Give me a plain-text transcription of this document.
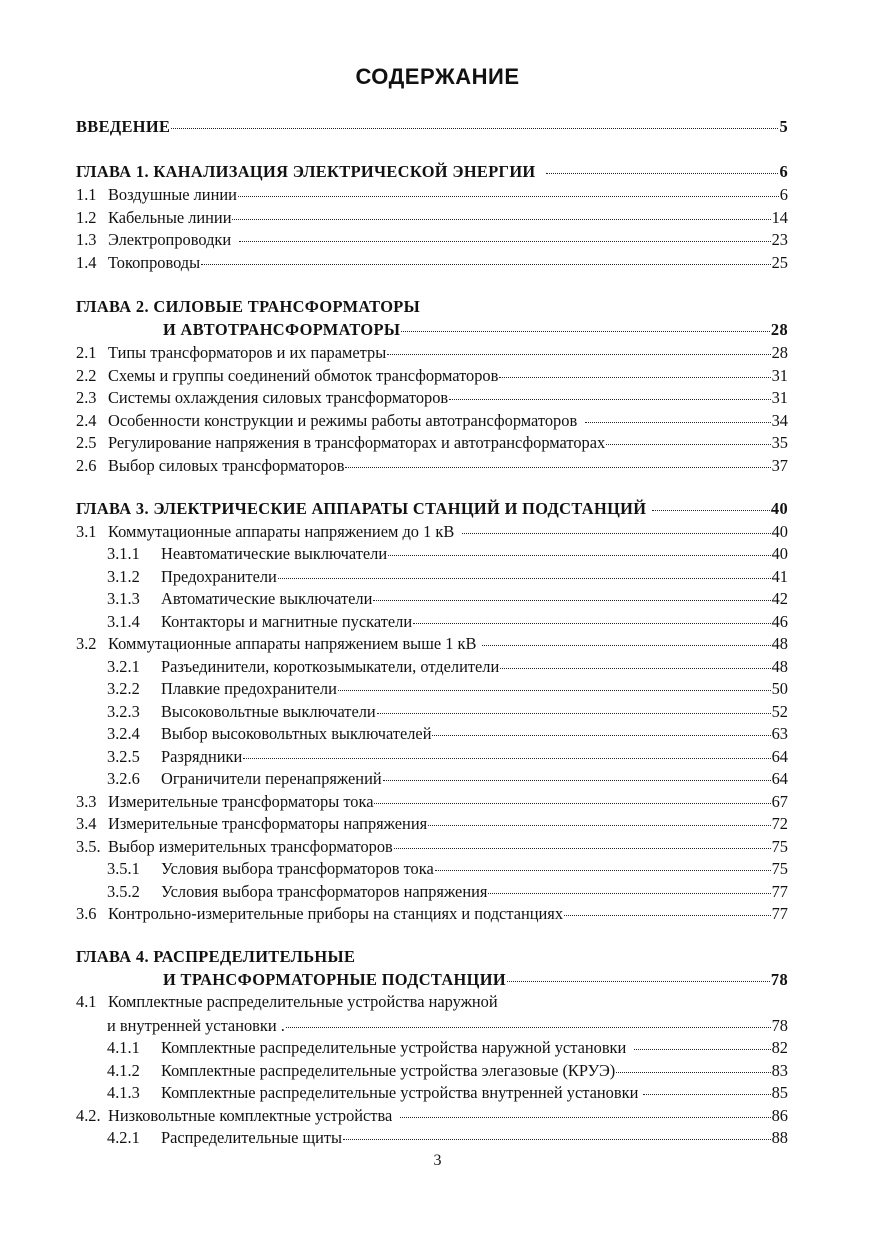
СОДЕРЖАНИЕ
ВВЕДЕНИЕ	5
ГЛАВА 1. КАНАЛИЗАЦИЯ ЭЛЕКТРИЧЕСКОЙ ЭНЕРГИИ	6
1.1 Воздушные линии	6
1.2 Кабельные линии	14
1.3 Электропроводки	23
1.4 Токопроводы	25
ГЛАВА 2. СИЛОВЫЕ ТРАНСФОРМАТОРЫ
И АВТОТРАНСФОРМАТОРЫ	28
2.1 Типы трансформаторов и их параметры	28
2.2 Схемы и группы соединений обмоток трансформаторов	31
2.3 Системы охлаждения силовых трансформаторов	31
2.4 Особенности конструкции и режимы работы автотрансформаторов	34
2.5 Регулирование напряжения в трансформаторах и автотрансформаторах	35
2.6 Выбор силовых трансформаторов	37
ГЛАВА 3. ЭЛЕКТРИЧЕСКИЕ АППАРАТЫ СТАНЦИЙ И ПОДСТАНЦИЙ	40
3.1 Коммутационные аппараты напряжением до 1 кВ	40
3.1.1	Неавтоматические выключатели	40
3.1.2	Предохранители	41
3.1.3	Автоматические выключатели	42
3.1.4	Контакторы и магнитные пускатели	46
3.2 Коммутационные аппараты напряжением выше 1 кВ	48
3.2.1	Разъединители, короткозымыкатели, отделители	48
3.2.2	Плавкие предохранители	50
3.2.3	Высоковольтные выключатели	52
3.2.4	Выбор высоковольтных выключателей	63
3.2.5	Разрядники	64
3.2.6	Ограничители перенапряжений	64
3.3 Измерительные трансформаторы тока	67
3.4 Измерительные трансформаторы напряжения	72
3.5. Выбор измерительных трансформаторов	75
3.5.1	Условия выбора трансформаторов тока	75
3.5.2	Условия выбора трансформаторов напряжения	77
3.6 Контрольно-измерительные приборы на станциях и подстанциях	77
ГЛАВА 4. РАСПРЕДЕЛИТЕЛЬНЫЕ
И ТРАНСФОРМАТОРНЫЕ ПОДСТАНЦИИ	78
4.1 Комплектные распределительные устройства наружной
и внутренней установки .	78
4.1.1	Комплектные распределительные устройства наружной установки	82
4.1.2	Комплектные распределительные устройства элегазовые (КРУЭ)	83
4.1.3	Комплектные распределительные устройства внутренней установки	85
4.2. Низковольтные комплектные устройства	86
4.2.1	Распределительные щиты	88
3
